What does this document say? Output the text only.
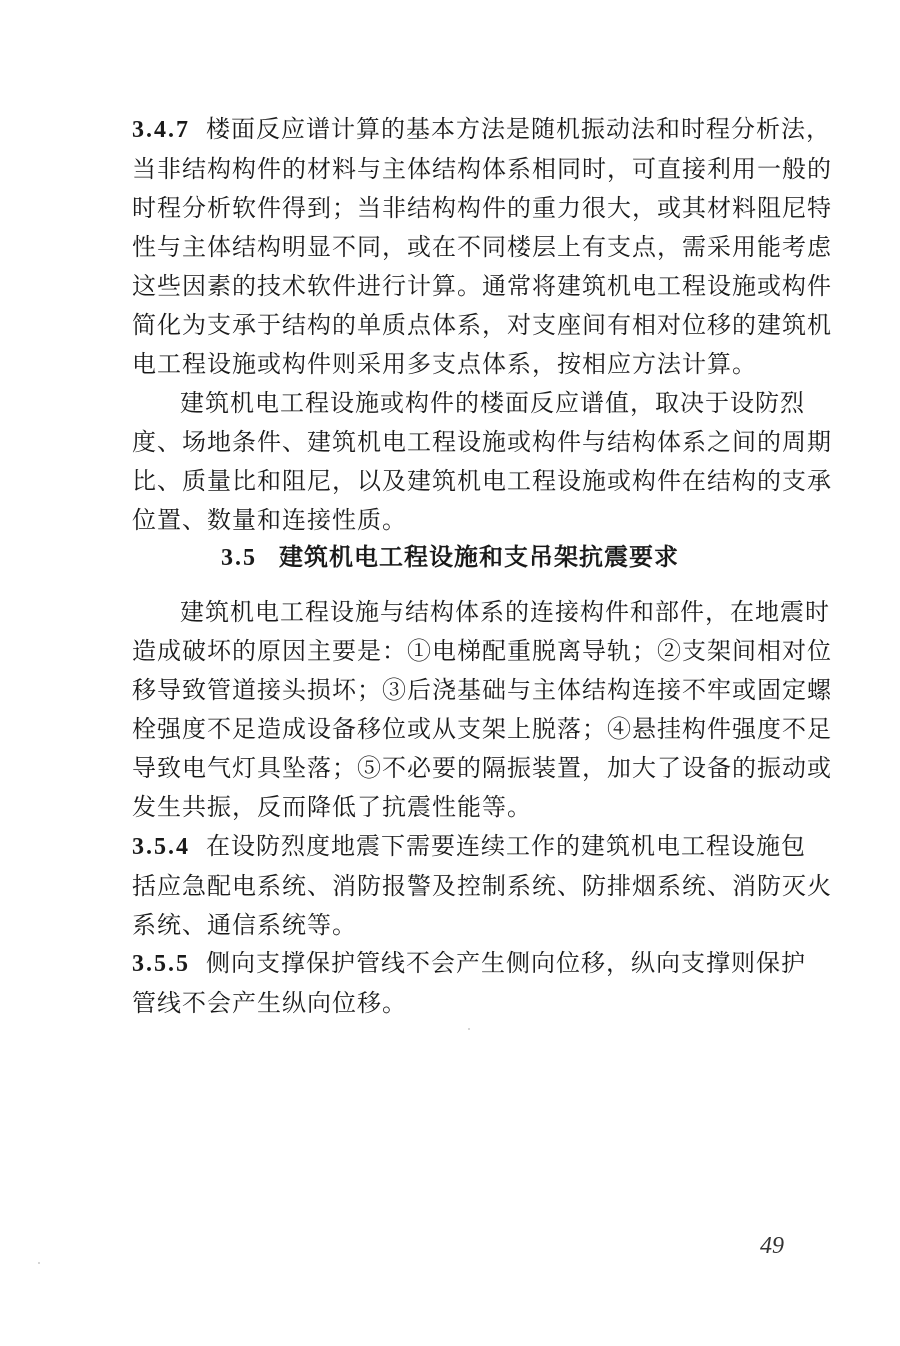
3.4.7 楼面反应谱计算的基本方法是随机振动法和时程分析法，
当非结构构件的材料与主体结构体系相同时，可直接利用一般的
时程分析软件得到；当非结构构件的重力很大，或其材料阻尼特
性与主体结构明显不同，或在不同楼层上有支点，需采用能考虑
这些因素的技术软件进行计算。通常将建筑机电工程设施或构件
简化为支承于结构的单质点体系，对支座间有相对位移的建筑机
电工程设施或构件则采用多支点体系，按相应方法计算。
建筑机电工程设施或构件的楼面反应谱值，取决于设防烈
度、场地条件、建筑机电工程设施或构件与结构体系之间的周期
比、质量比和阻尼，以及建筑机电工程设施或构件在结构的支承
位置、数量和连接性质。
3.5 建筑机电工程设施和支吊架抗震要求
建筑机电工程设施与结构体系的连接构件和部件，在地震时
造成破坏的原因主要是：①电梯配重脱离导轨；②支架间相对位
移导致管道接头损坏；③后浇基础与主体结构连接不牢或固定螺
栓强度不足造成设备移位或从支架上脱落；④悬挂构件强度不足
导致电气灯具坠落；⑤不必要的隔振装置，加大了设备的振动或
发生共振，反而降低了抗震性能等。
3.5.4 在设防烈度地震下需要连续工作的建筑机电工程设施包
括应急配电系统、消防报警及控制系统、防排烟系统、消防灭火
系统、通信系统等。
3.5.5 侧向支撑保护管线不会产生侧向位移，纵向支撑则保护
管线不会产生纵向位移。
49
